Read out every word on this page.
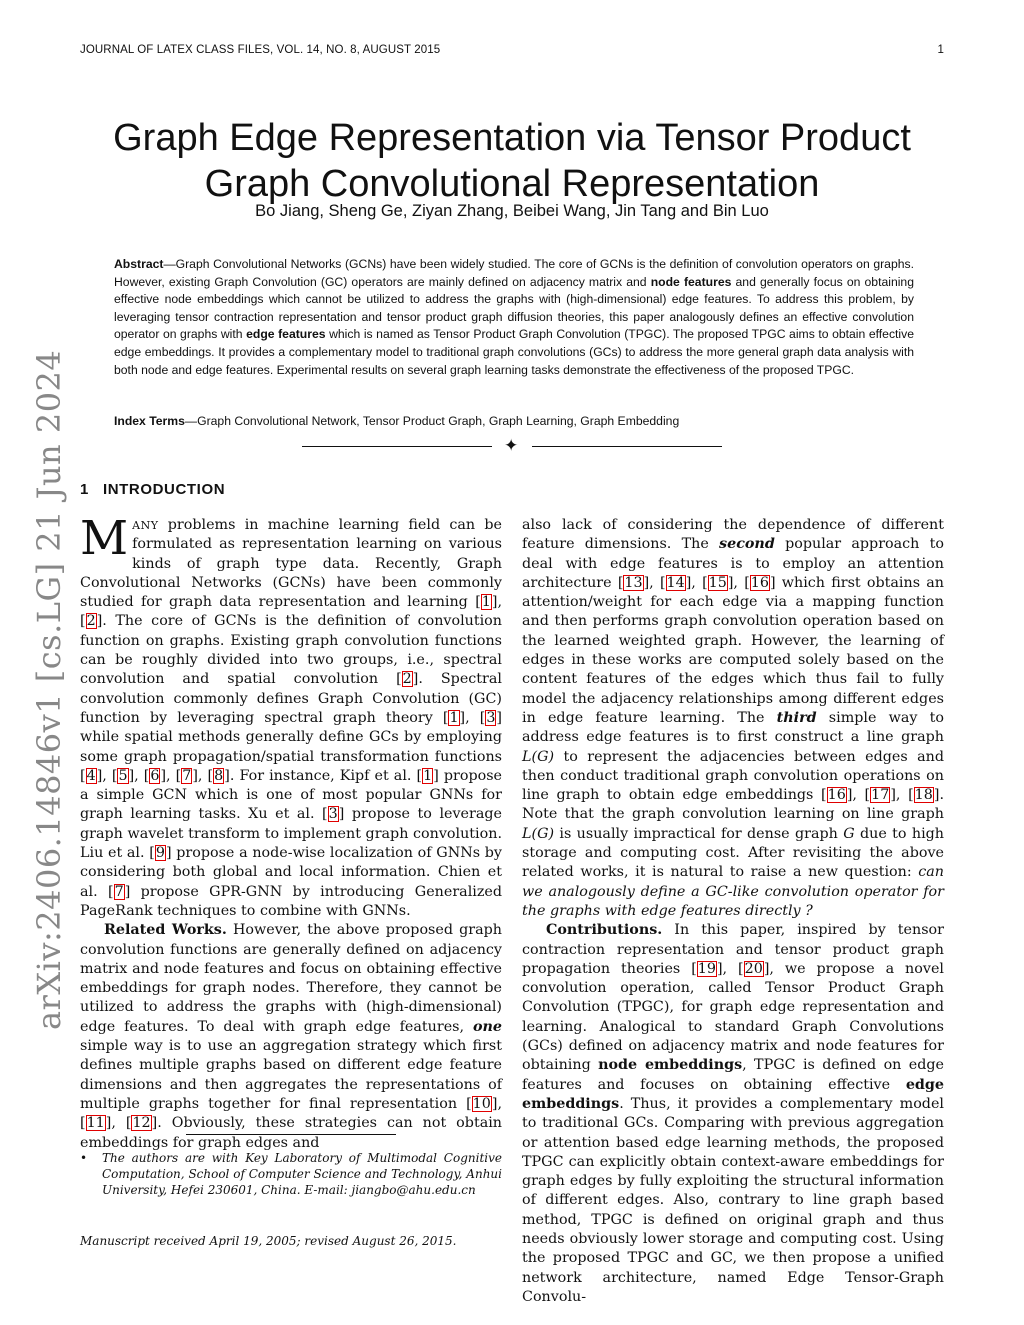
JOURNAL OF LATEX CLASS FILES, VOL. 14, NO. 8, AUGUST 2015	1
arXiv:2406.14846v1 [cs.LG] 21 Jun 2024
Graph Edge Representation via Tensor Product
Graph Convolutional Representation
Bo Jiang, Sheng Ge, Ziyan Zhang, Beibei Wang, Jin Tang and Bin Luo
Abstract—Graph Convolutional Networks (GCNs) have been widely studied. The core of GCNs is the definition of convolution operators on graphs. However, existing Graph Convolution (GC) operators are mainly defined on adjacency matrix and node features and generally focus on obtaining effective node embeddings which cannot be utilized to address the graphs with (high-dimensional) edge features. To address this problem, by leveraging tensor contraction representation and tensor product graph diffusion theories, this paper analogously defines an effective convolution operator on graphs with edge features which is named as Tensor Product Graph Convolution (TPGC). The proposed TPGC aims to obtain effective edge embeddings. It provides a complementary model to traditional graph convolutions (GCs) to address the more general graph data analysis with both node and edge features. Experimental results on several graph learning tasks demonstrate the effectiveness of the proposed TPGC.
Index Terms—Graph Convolutional Network, Tensor Product Graph, Graph Learning, Graph Embedding
✦
1 INTRODUCTION

MANY problems in machine learning field can be formulated as representation learning on various kinds of graph type data. Recently, Graph Convolutional Networks (GCNs) have been commonly studied for graph data representation and learning [1], [2]. The core of GCNs is the definition of convolution function on graphs. Existing graph convolution functions can be roughly divided into two groups, i.e., spectral convolution and spatial convolution [2]. Spectral convolution commonly defines Graph Convolution (GC) function by leveraging spectral graph theory [1], [3] while spatial methods generally define GCs by employing some graph propagation/spatial transformation functions [4], [5], [6], [7], [8]. For instance, Kipf et al. [1] propose a simple GCN which is one of most popular GNNs for graph learning tasks. Xu et al. [3] propose to leverage graph wavelet transform to implement graph convolution. Liu et al. [9] propose a node-wise localization of GNNs by considering both global and local information. Chien et al. [7] propose GPR-GNN by introducing Generalized PageRank techniques to combine with GNNs.

Related Works. However, the above proposed graph convolution functions are generally defined on adjacency matrix and node features and focus on obtaining effective embeddings for graph nodes. Therefore, they cannot be utilized to address the graphs with (high-dimensional) edge features. To deal with graph edge features, one simple way is to use an aggregation strategy which first defines multiple graphs based on different edge feature dimensions and then aggregates the representations of multiple graphs together for final representation [10], [11], [12]. Obviously, these strategies can not obtain embeddings for graph edges and

also lack of considering the dependence of different feature dimensions. The second popular approach to deal with edge features is to employ an attention architecture [13], [14], [15], [16] which first obtains an attention/weight for each edge via a mapping function and then performs graph convolution operation based on the learned weighted graph. However, the learning of edges in these works are computed solely based on the content features of the edges which thus fail to fully model the adjacency relationships among different edges in edge feature learning. The third simple way to address edge features is to first construct a line graph L(G) to represent the adjacencies between edges and then conduct traditional graph convolution operations on line graph to obtain edge embeddings [16], [17], [18]. Note that the graph convolution learning on line graph L(G) is usually impractical for dense graph G due to high storage and computing cost. After revisiting the above related works, it is natural to raise a new question: can we analogously define a GC-like convolution operator for the graphs with edge features directly ?

Contributions. In this paper, inspired by tensor contraction representation and tensor product graph propagation theories [19], [20], we propose a novel convolution operation, called Tensor Product Graph Convolution (TPGC), for graph edge representation and learning. Analogical to standard Graph Convolutions (GCs) defined on adjacency matrix and node features for obtaining node embeddings, TPGC is defined on edge features and focuses on obtaining effective edge embeddings. Thus, it provides a complementary model to traditional GCs. Comparing with previous aggregation or attention based edge learning methods, the proposed TPGC can explicitly obtain context-aware embeddings for graph edges by fully exploiting the structural information of different edges. Also, contrary to line graph based method, TPGC is defined on original graph and thus needs obviously lower storage and computing cost. Using the proposed TPGC and GC, we then propose a unified network architecture, named Edge Tensor-Graph Convolu-

• The authors are with Key Laboratory of Multimodal Cognitive Computation, School of Computer Science and Technology, Anhui University, Hefei 230601, China. E-mail: jiangbo@ahu.edu.cn
Manuscript received April 19, 2005; revised August 26, 2015.
